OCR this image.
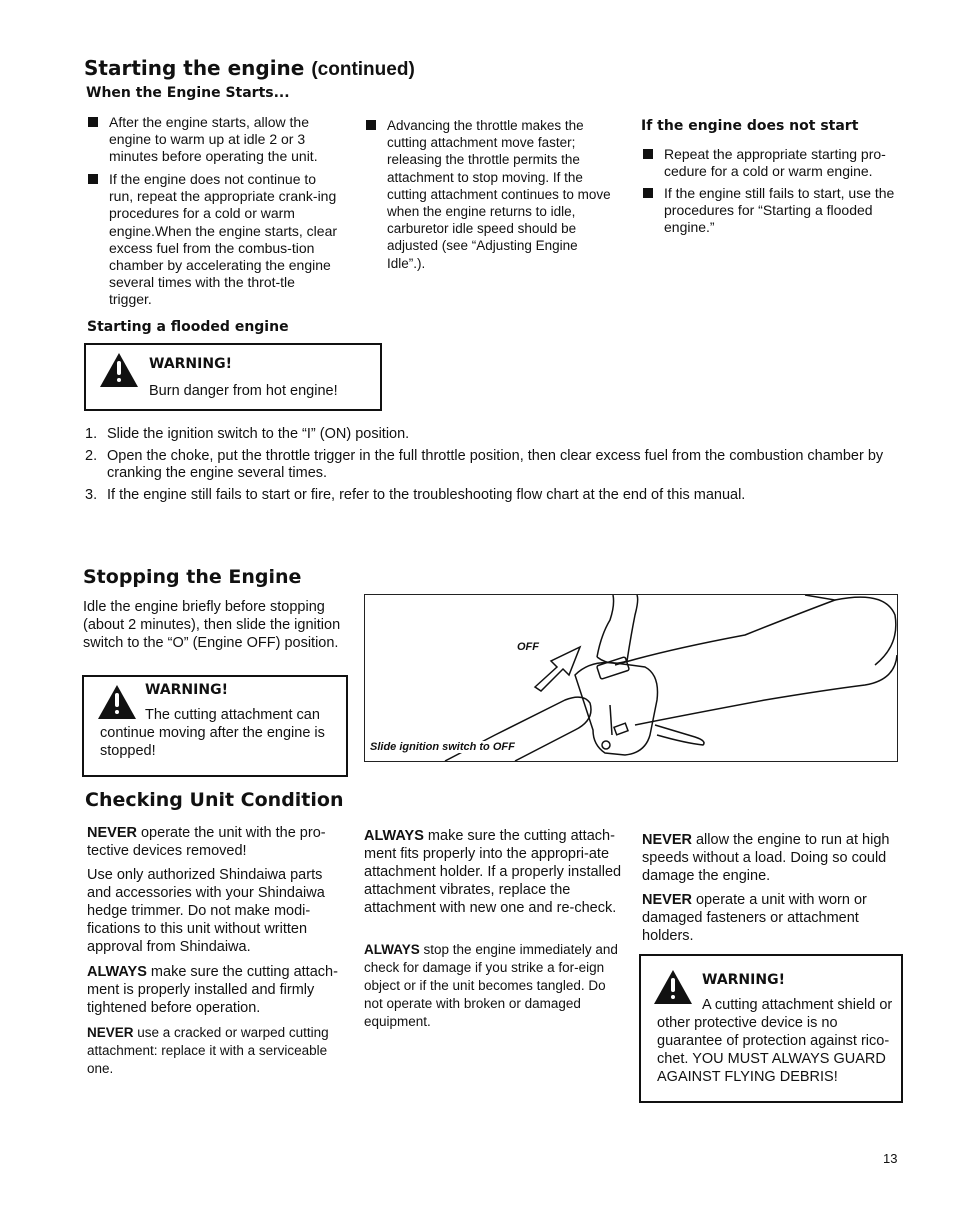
Starting the engine (continued)
When the Engine Starts...
After the engine starts, allow the engine to warm up at idle 2 or 3 minutes before operating the unit.
If the engine does not continue to run, repeat the appropriate crank-ing procedures for a cold or warm engine.When the engine starts, clear excess fuel from the combus-tion chamber by accelerating the engine several times with the throt-tle trigger.
Advancing the throttle makes the cutting attachment move faster; releasing the throttle permits the attachment to stop moving. If the cutting attachment continues to move when the engine returns to idle, carburetor idle speed should be adjusted (see “Adjusting Engine Idle”.).
If the engine does not start
Repeat the appropriate starting pro-cedure for a cold or warm engine.
If the engine still fails to start, use the procedures for “Starting a flooded engine.”
Starting a flooded engine
WARNING!
Burn danger from hot engine!
1. Slide the ignition switch to the “I” (ON) position.
2. Open the choke, put the throttle trigger in the full throttle position, then clear excess fuel from the combustion chamber by cranking the engine several times.
3. If the engine still fails to start or fire, refer to the troubleshooting flow chart at the end of this manual.
Stopping the Engine
Idle the engine briefly before stopping (about 2 minutes), then slide the ignition switch to the “O” (Engine OFF) position.
WARNING!
The cutting attachment can continue moving after the engine is stopped!
OFF
Slide ignition switch to OFF
Checking Unit Condition
NEVER operate the unit with the pro-tective devices removed!
Use only authorized Shindaiwa parts and accessories with your Shindaiwa hedge trimmer. Do not make modi-fications to this unit without written approval from Shindaiwa.
ALWAYS make sure the cutting attach-ment is properly installed and firmly tightened before operation.
NEVER use a cracked or warped cutting attachment: replace it with a serviceable one.
ALWAYS make sure the cutting attach-ment fits properly into the appropri-ate attachment holder. If a properly installed attachment vibrates, replace the attachment with new one and re-check.
ALWAYS stop the engine immediately and check for damage if you strike a for-eign object or if the unit becomes tangled. Do not operate with broken or damaged equipment.
NEVER allow the engine to run at high speeds without a load. Doing so could damage the engine.
NEVER operate a unit with worn or damaged fasteners or attachment holders.
WARNING!
A cutting attachment shield or other protective device is no guarantee of protection against rico-chet. YOU MUST ALWAYS GUARD AGAINST FLYING DEBRIS!
13
